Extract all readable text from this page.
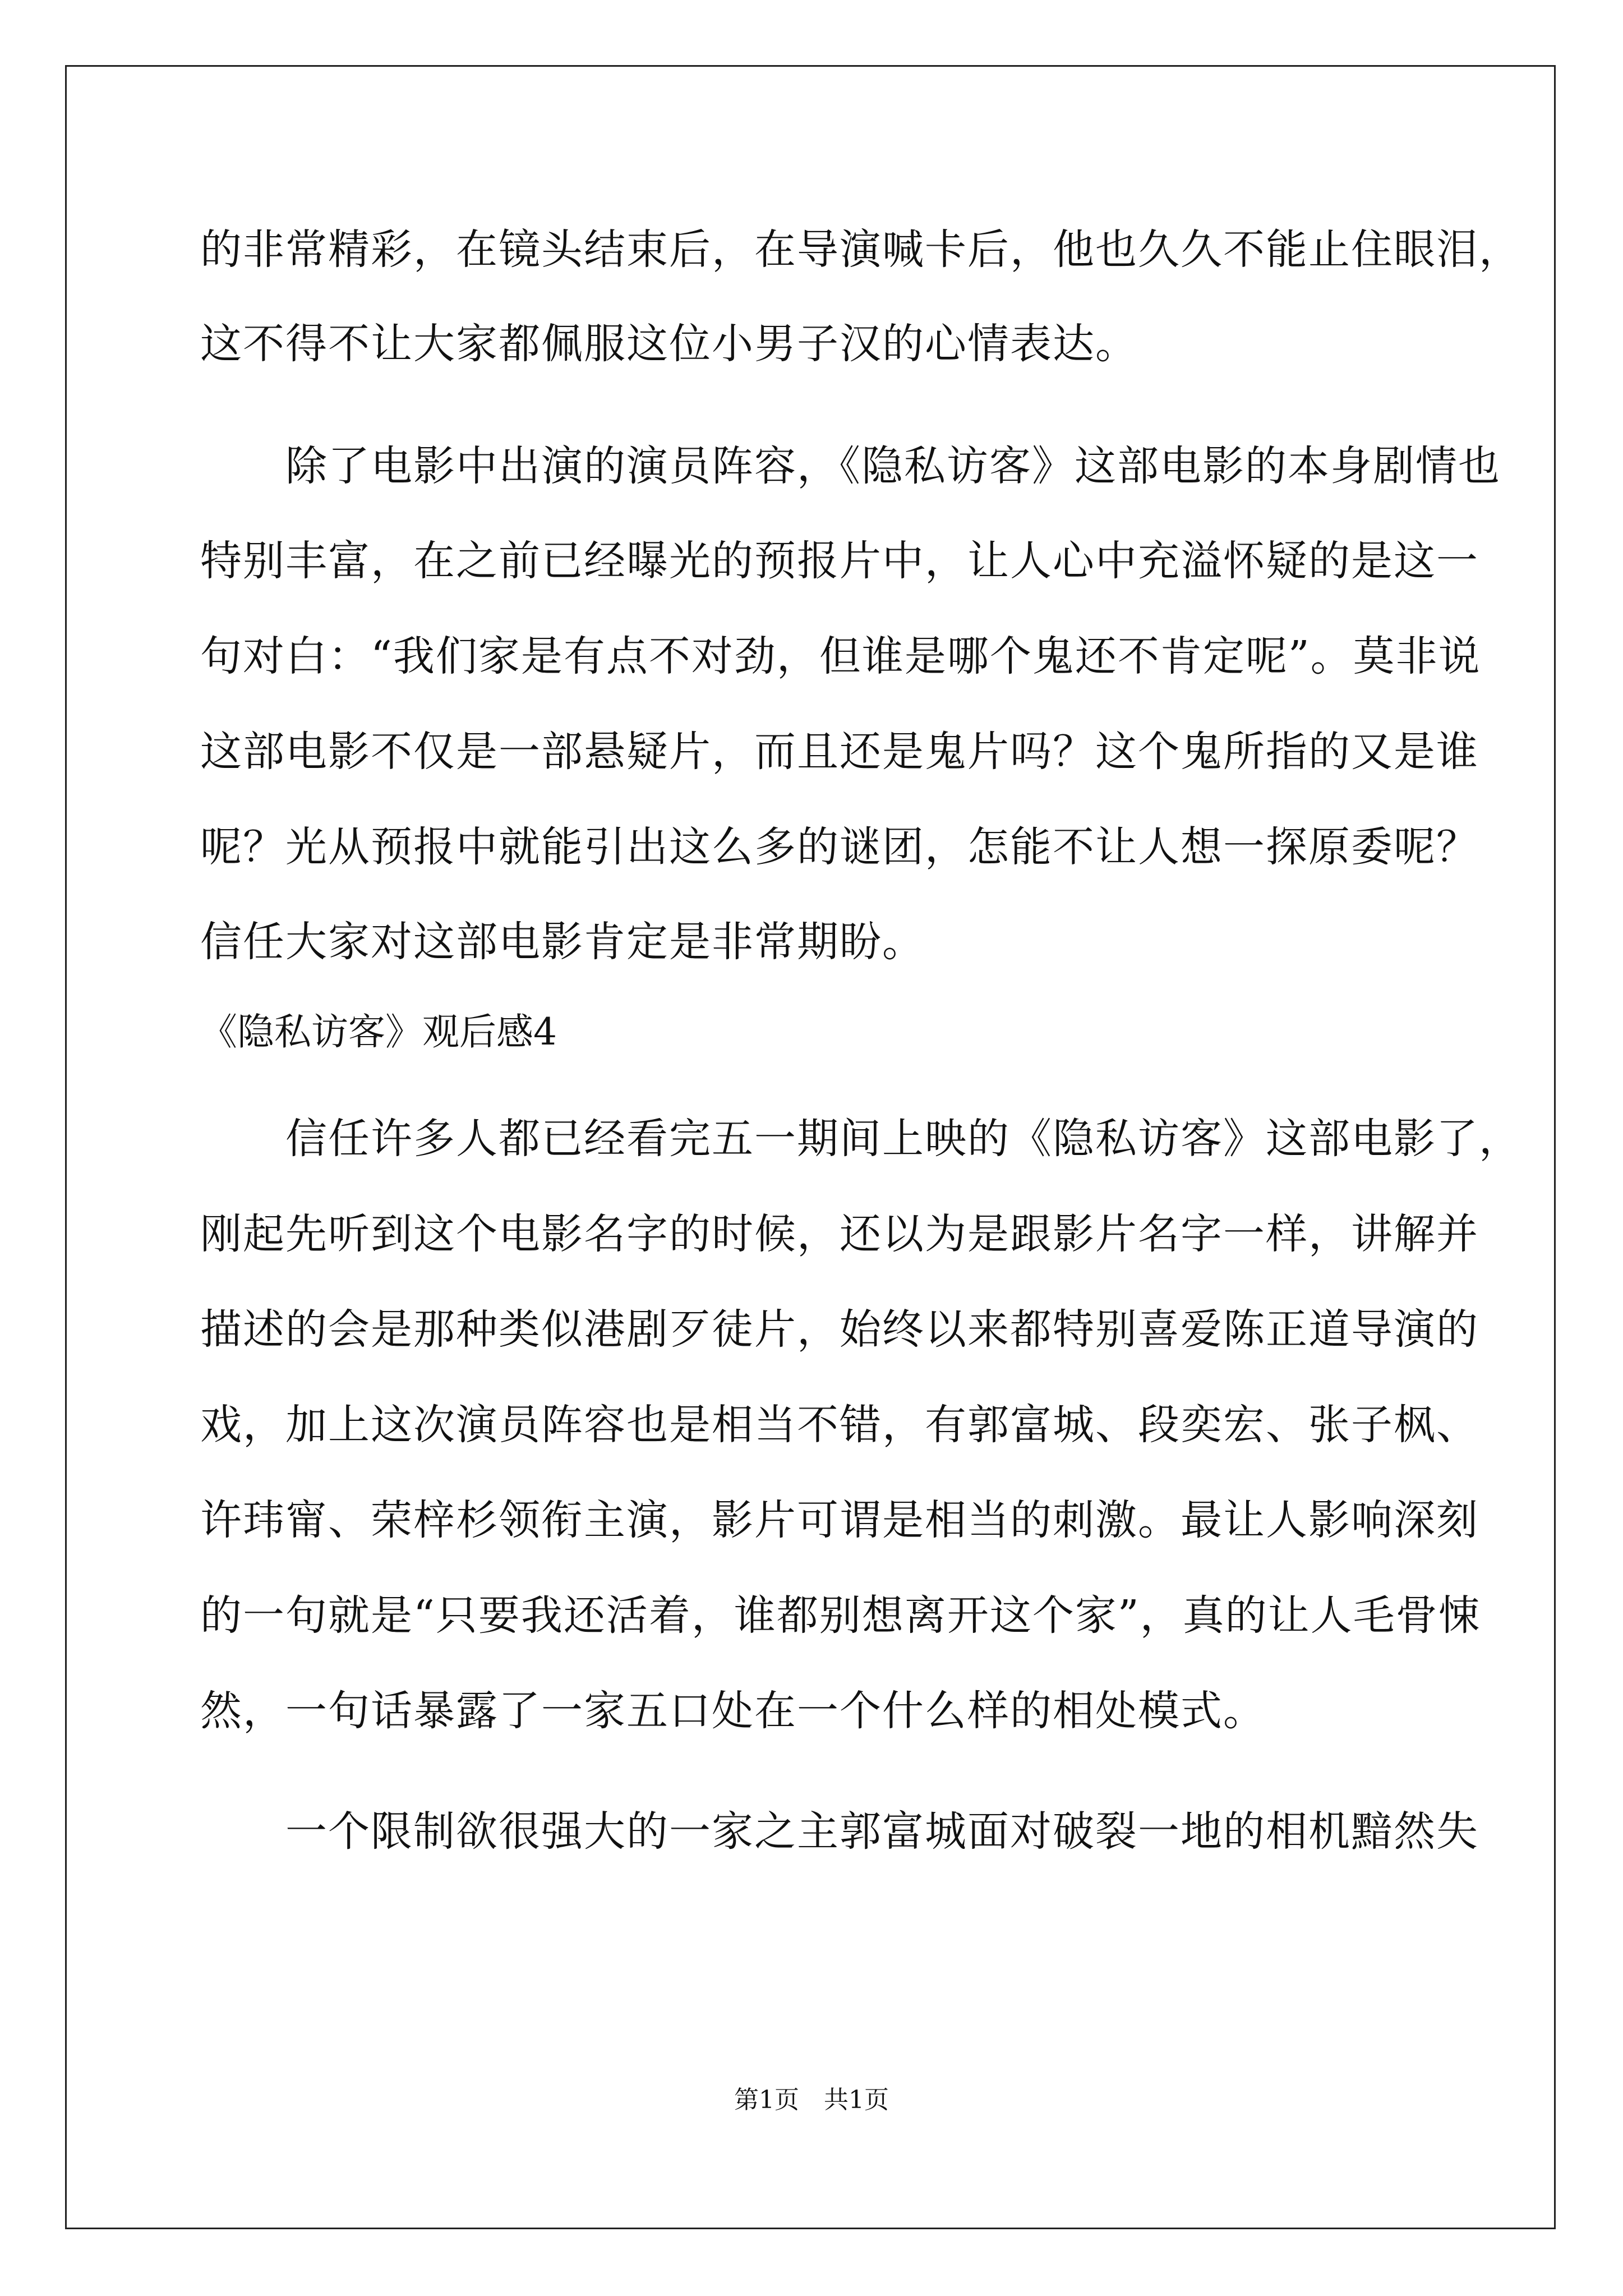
的非常精彩，在镜头结束后，在导演喊卡后，他也久久不能止住眼泪，
这不得不让大家都佩服这位小男子汉的心情表达。
　　除了电影中出演的演员阵容，《隐私访客》这部电影的本身剧情也
特别丰富，在之前已经曝光的预报片中，让人心中充溢怀疑的是这一
句对白：“我们家是有点不对劲，但谁是哪个鬼还不肯定呢”。莫非说
这部电影不仅是一部悬疑片，而且还是鬼片吗？这个鬼所指的又是谁
呢？光从预报中就能引出这么多的谜团，怎能不让人想一探原委呢？
信任大家对这部电影肯定是非常期盼。
《隐私访客》观后感4
　　信任许多人都已经看完五一期间上映的《隐私访客》这部电影了，
刚起先听到这个电影名字的时候，还以为是跟影片名字一样，讲解并
描述的会是那种类似港剧歹徒片，始终以来都特别喜爱陈正道导演的
戏，加上这次演员阵容也是相当不错，有郭富城、段奕宏、张子枫、
许玮甯、荣梓杉领衔主演，影片可谓是相当的刺激。最让人影响深刻
的一句就是“只要我还活着，谁都别想离开这个家”，真的让人毛骨悚
然，一句话暴露了一家五口处在一个什么样的相处模式。
　　一个限制欲很强大的一家之主郭富城面对破裂一地的相机黯然失
第1页　共1页
